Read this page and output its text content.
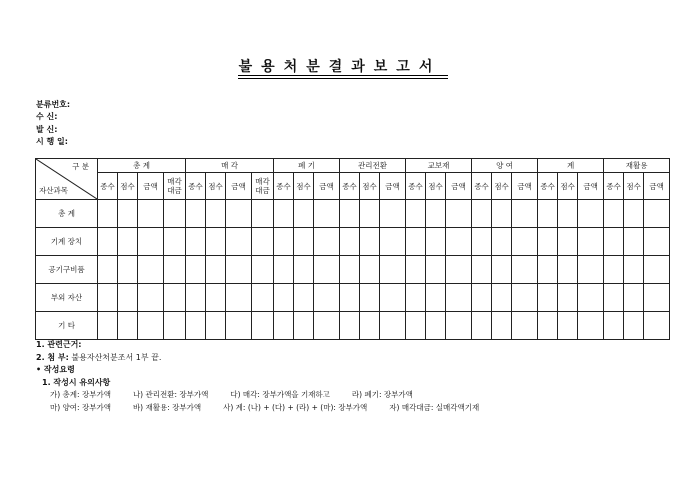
불용처분결과보고서
분류번호:
수 신:
발 신:
시 행 일:
구 분
자산과목	총 계				매 각				폐 기			관리전환			교보재			양 여			계			재활용		
	종수	점수	금액	매각대금	종수	점수	금액	매각대금	종수	점수	금액	종수	점수	금액	종수	점수	금액	종수	점수	금액	종수	점수	금액	종수	점수	금액
총 계																										
기계 장치																										
공기구비품																										
부외 자산																										
기 타																										
1. 관련근거:
2. 첨 부: 불용자산처분조서 1부 끝.
• 작성요령
1. 작성시 유의사항
가) 총계: 장부가액	나) 관리전환: 장부가액	다) 매각: 장부가액을 기재하고	라) 폐기: 장부가액
마) 양여: 장부가액	바) 재활용: 장부가액	사) 계: (나) + (다) + (라) + (마): 장부가액	자) 매각대금: 실매각액기재
